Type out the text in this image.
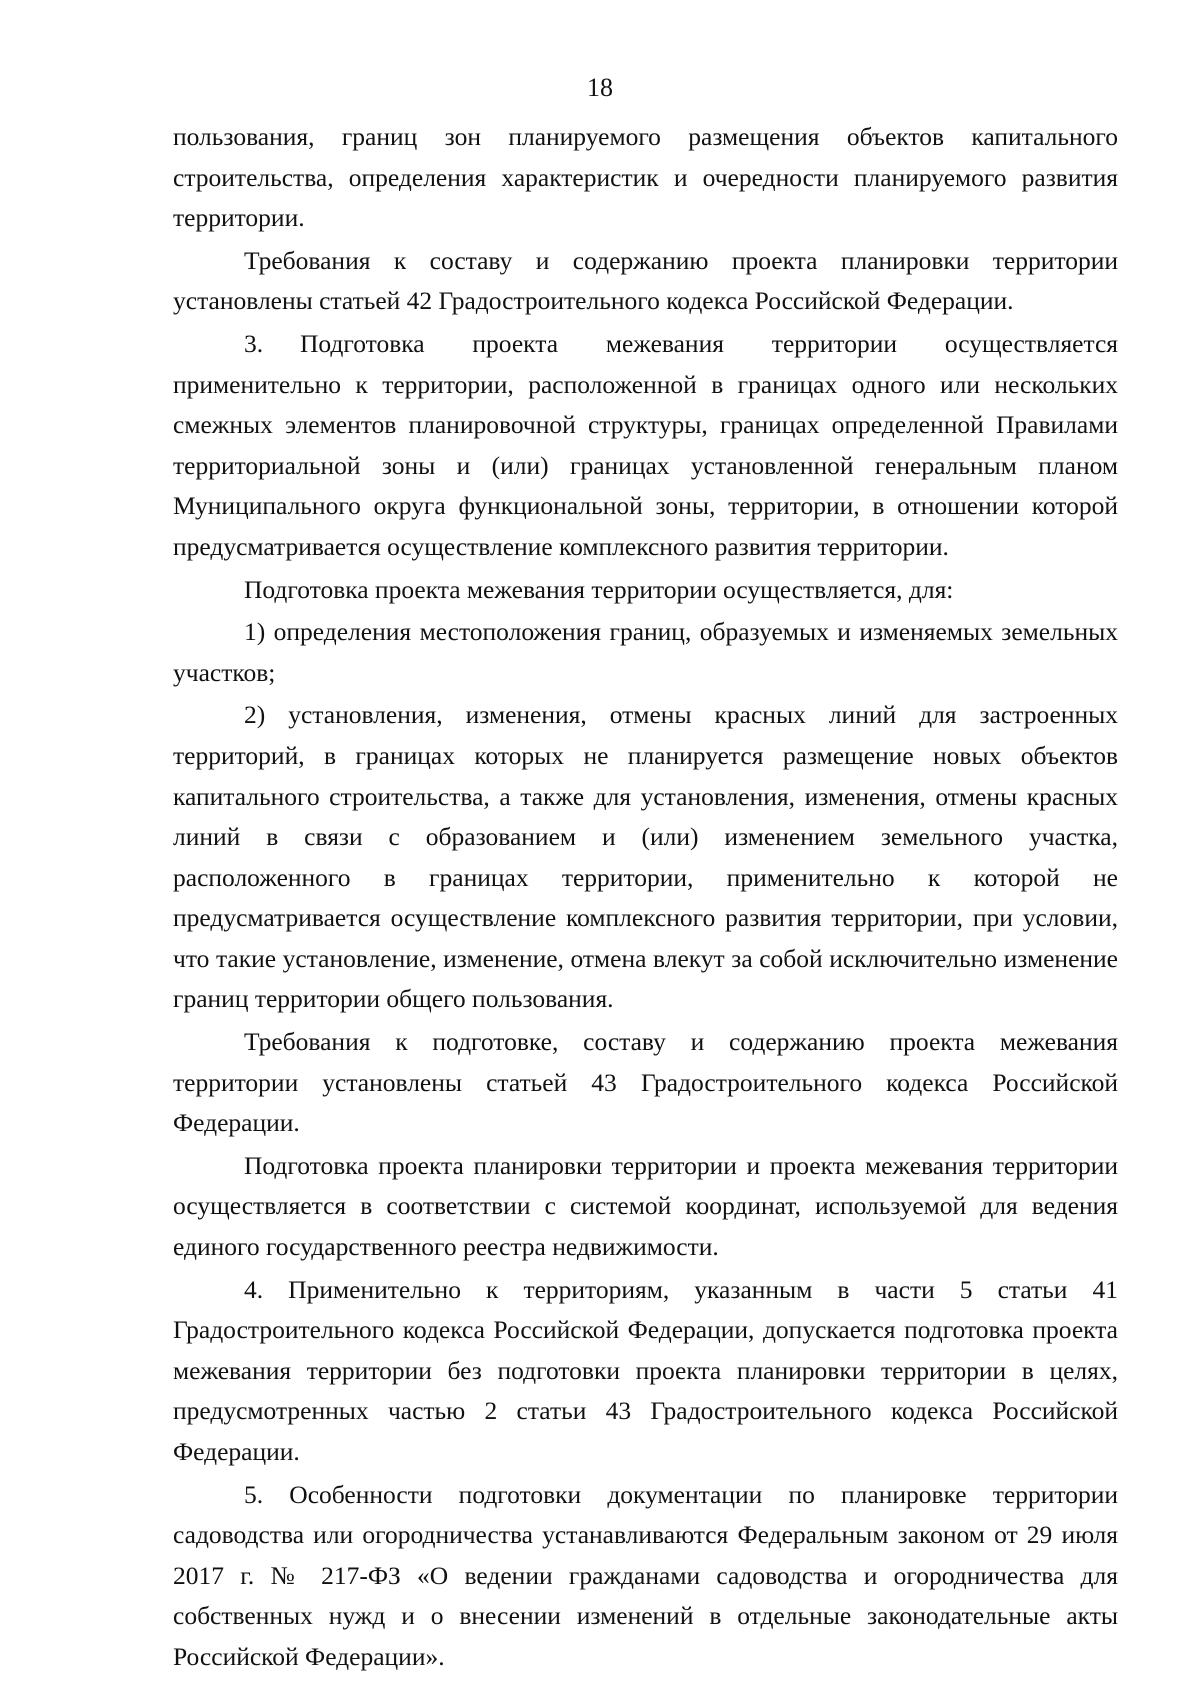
18

пользования, границ зон планируемого размещения объектов капитального строительства, определения характеристик и очередности планируемого развития территории.

Требования к составу и содержанию проекта планировки территории установлены статьей 42 Градостроительного кодекса Российской Федерации.

3. Подготовка проекта межевания территории осуществляется применительно к территории, расположенной в границах одного или нескольких смежных элементов планировочной структуры, границах определенной Правилами территориальной зоны и (или) границах установленной генеральным планом Муниципального округа функциональной зоны, территории, в отношении которой предусматривается осуществление комплексного развития территории.

Подготовка проекта межевания территории осуществляется, для:

1) определения местоположения границ, образуемых и изменяемых земельных участков;

2) установления, изменения, отмены красных линий для застроенных территорий, в границах которых не планируется размещение новых объектов капитального строительства, а также для установления, изменения, отмены красных линий в связи с образованием и (или) изменением земельного участка, расположенного в границах территории, применительно к которой не предусматривается осуществление комплексного развития территории, при условии, что такие установление, изменение, отмена влекут за собой исключительно изменение границ территории общего пользования.

Требования к подготовке, составу и содержанию проекта межевания территории установлены статьей 43 Градостроительного кодекса Российской Федерации.

Подготовка проекта планировки территории и проекта межевания территории осуществляется в соответствии с системой координат, используемой для ведения единого государственного реестра недвижимости.

4. Применительно к территориям, указанным в части 5 статьи 41 Градостроительного кодекса Российской Федерации, допускается подготовка проекта межевания территории без подготовки проекта планировки территории в целях, предусмотренных частью 2 статьи 43 Градостроительного кодекса Российской Федерации.

5. Особенности подготовки документации по планировке территории садоводства или огородничества устанавливаются Федеральным законом от 29 июля 2017 г. № 217-ФЗ «О ведении гражданами садоводства и огородничества для собственных нужд и о внесении изменений в отдельные законодательные акты Российской Федерации».
